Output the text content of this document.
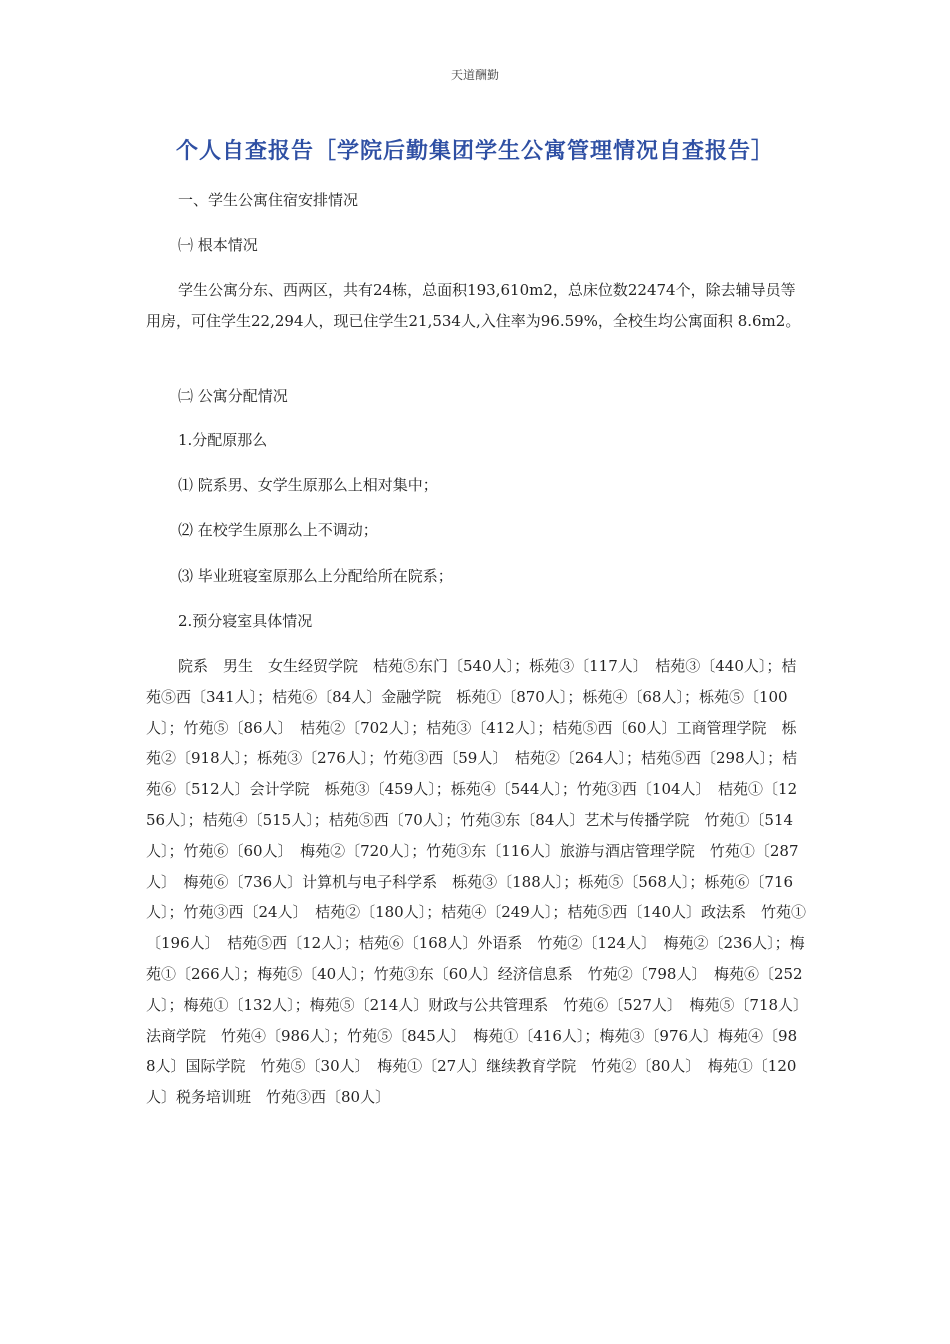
天道酬勤
个人自查报告［学院后勤集团学生公寓管理情况自查报告］

一、学生公寓住宿安排情况

㈠ 根本情况

学生公寓分东、西两区，共有24栋，总面积193,610m2，总床位数22474个，除去辅导员等用房，可住学生22,294人，现已住学生21,534人,入住率为96.59%，全校生均公寓面积 8.6m2。

㈡ 公寓分配情况

1.分配原那么

⑴ 院系男、女学生原那么上相对集中；

⑵ 在校学生原那么上不调动；

⑶ 毕业班寝室原那么上分配给所在院系；

2.预分寝室具体情况

院系　男生　女生经贸学院　桔苑⑤东门〔540人〕；栎苑③〔117人〕　桔苑③〔440人〕；桔苑⑤西〔341人〕；桔苑⑥〔84人〕金融学院　栎苑①〔870人〕；栎苑④〔68人〕；栎苑⑤〔100人〕；竹苑⑤〔86人〕　桔苑②〔702人〕；桔苑③〔412人〕；桔苑⑤西〔60人〕工商管理学院　栎苑②〔918人〕；栎苑③〔276人〕；竹苑③西〔59人〕　桔苑②〔264人〕；桔苑⑤西〔298人〕；桔苑⑥〔512人〕会计学院　栎苑③〔459人〕；栎苑④〔544人〕；竹苑③西〔104人〕　桔苑①〔1256人〕；桔苑④〔515人〕；桔苑⑤西〔70人〕；竹苑③东〔84人〕艺术与传播学院　竹苑①〔514人〕；竹苑⑥〔60人〕　梅苑②〔720人〕；竹苑③东〔116人〕旅游与酒店管理学院　竹苑①〔287人〕　梅苑⑥〔736人〕计算机与电子科学系　栎苑③〔188人〕；栎苑⑤〔568人〕；栎苑⑥〔716人〕；竹苑③西〔24人〕　桔苑②〔180人〕；桔苑④〔249人〕；桔苑⑤西〔140人〕政法系　竹苑①〔196人〕　桔苑⑤西〔12人〕；桔苑⑥〔168人〕外语系　竹苑②〔124人〕　梅苑②〔236人〕；梅苑①〔266人〕；梅苑⑤〔40人〕；竹苑③东〔60人〕经济信息系　竹苑②〔798人〕　梅苑⑥〔252人〕；梅苑①〔132人〕；梅苑⑤〔214人〕财政与公共管理系　竹苑⑥〔527人〕　梅苑⑤〔718人〕法商学院　竹苑④〔986人〕；竹苑⑤〔845人〕　梅苑①〔416人〕；梅苑③〔976人〕梅苑④〔988人〕国际学院　竹苑⑤〔30人〕　梅苑①〔27人〕继续教育学院　竹苑②〔80人〕　梅苑①〔120人〕税务培训班　竹苑③西〔80人〕
